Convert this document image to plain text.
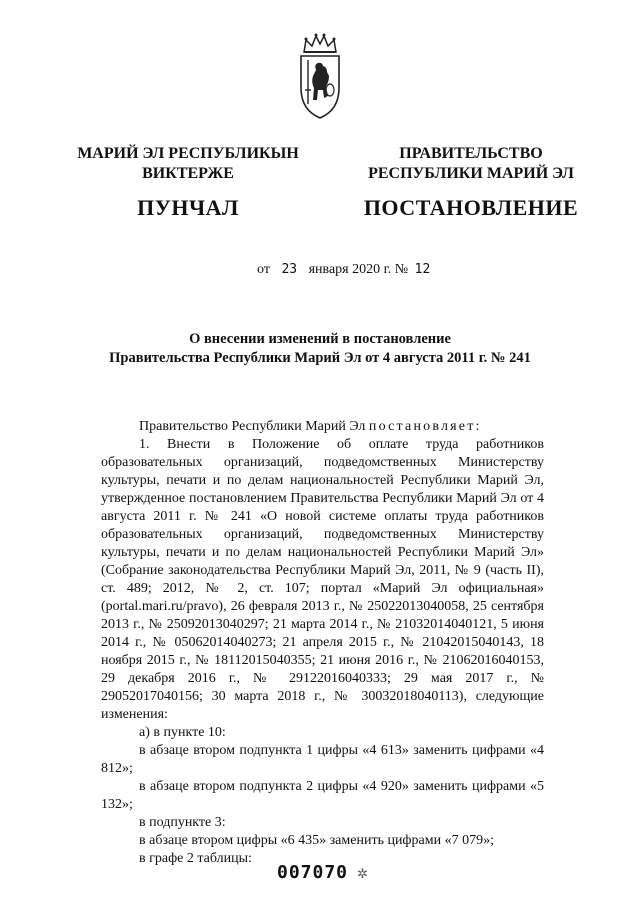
МАРИЙ ЭЛ РЕСПУБЛИКЫН
ВИКТЕРЖЕ
ПУНЧАЛ
ПРАВИТЕЛЬСТВО
РЕСПУБЛИКИ МАРИЙ ЭЛ
ПОСТАНОВЛЕНИЕ
от 23 января 2020 г. № 12
О внесении изменений в постановление
Правительства Республики Марий Эл от 4 августа 2011 г. № 241

Правительство Республики Марий Эл постановляет:

1. Внести в Положение об оплате труда работников образовательных организаций, подведомственных Министерству культуры, печати и по делам национальностей Республики Марий Эл, утвержденное постановлением Правительства Республики Марий Эл от 4 августа 2011 г. № 241 «О новой системе оплаты труда работников образовательных организаций, подведомственных Министерству культуры, печати и по делам национальностей Республики Марий Эл» (Собрание законодательства Республики Марий Эл, 2011, № 9 (часть II), ст. 489; 2012, № 2, ст. 107; портал «Марий Эл официальная» (portal.mari.ru/pravo), 26 февраля 2013 г., № 25022013040058, 25 сентября 2013 г., № 25092013040297; 21 марта 2014 г., № 21032014040121, 5 июня 2014 г., № 05062014040273; 21 апреля 2015 г., № 21042015040143, 18 ноября 2015 г., № 18112015040355; 21 июня 2016 г., № 21062016040153, 29 декабря 2016 г., № 29122016040333; 29 мая 2017 г., № 29052017040156; 30 марта 2018 г., № 30032018040113), следующие изменения:

а) в пункте 10:

в абзаце втором подпункта 1 цифры «4 613» заменить цифрами «4 812»;

в абзаце втором подпункта 2 цифры «4 920» заменить цифрами «5 132»;

в подпункте 3:

в абзаце втором цифры «6 435» заменить цифрами «7 079»;

в графе 2 таблицы:

007070 ✲
